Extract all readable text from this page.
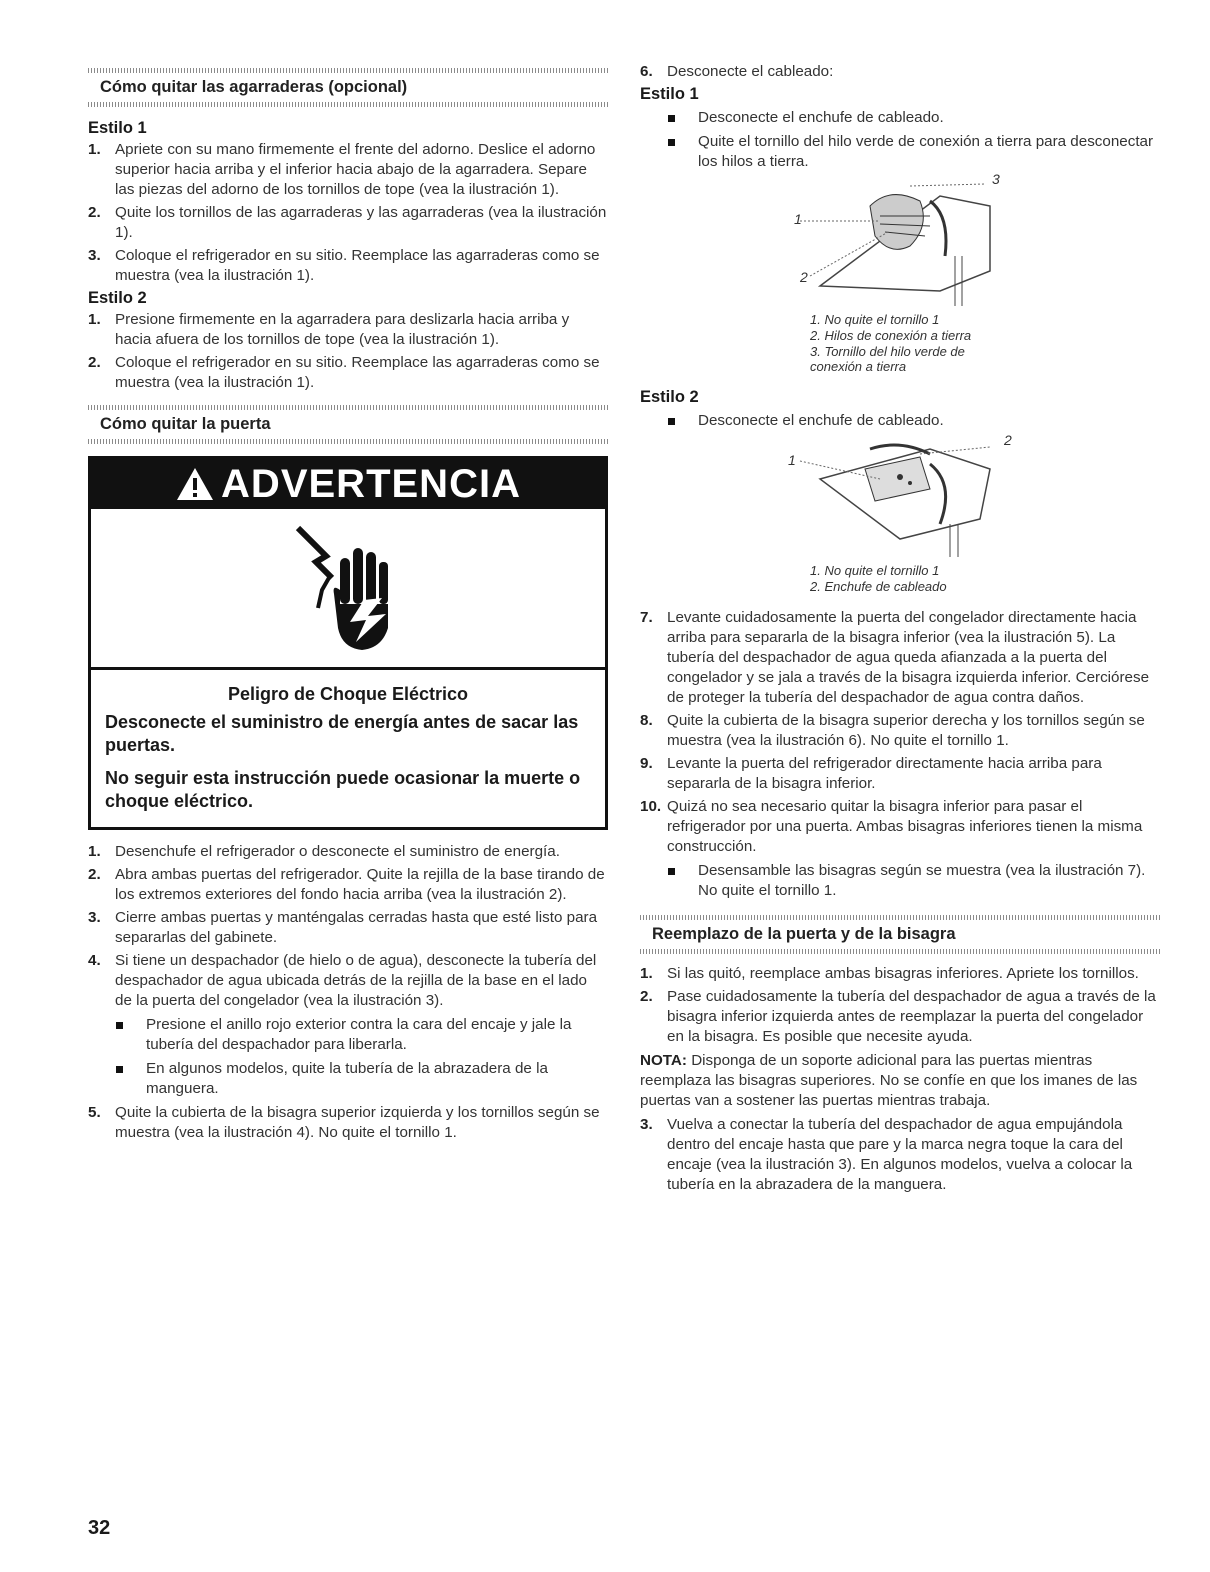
Cómo quitar las agarraderas (opcional)
Estilo 1
1. Apriete con su mano firmemente el frente del adorno. Deslice el adorno superior hacia arriba y el inferior hacia abajo de la agarradera. Separe las piezas del adorno de los tornillos de tope (vea la ilustración 1).
2. Quite los tornillos de las agarraderas y las agarraderas (vea la ilustración 1).
3. Coloque el refrigerador en su sitio. Reemplace las agarraderas como se muestra (vea la ilustración 1).
Estilo 2
1. Presione firmemente en la agarradera para deslizarla hacia arriba y hacia afuera de los tornillos de tope (vea la ilustración 1).
2. Coloque el refrigerador en su sitio. Reemplace las agarraderas como se muestra (vea la ilustración 1).
Cómo quitar la puerta
ADVERTENCIA
Peligro de Choque Eléctrico
Desconecte el suministro de energía antes de sacar las puertas.
No seguir esta instrucción puede ocasionar la muerte o choque eléctrico.
1. Desenchufe el refrigerador o desconecte el suministro de energía.
2. Abra ambas puertas del refrigerador. Quite la rejilla de la base tirando de los extremos exteriores del fondo hacia arriba (vea la ilustración 2).
3. Cierre ambas puertas y manténgalas cerradas hasta que esté listo para separarlas del gabinete.
4. Si tiene un despachador (de hielo o de agua), desconecte la tubería del despachador de agua ubicada detrás de la rejilla de la base en el lado de la puerta del congelador (vea la ilustración 3).
Presione el anillo rojo exterior contra la cara del encaje y jale la tubería del despachador para liberarla.
En algunos modelos, quite la tubería de la abrazadera de la manguera.
5. Quite la cubierta de la bisagra superior izquierda y los tornillos según se muestra (vea la ilustración 4). No quite el tornillo 1.
6. Desconecte el cableado:
Estilo 1
Desconecte el enchufe de cableado.
Quite el tornillo del hilo verde de conexión a tierra para desconectar los hilos a tierra.
1
2
3
1. No quite el tornillo 1
2. Hilos de conexión a tierra
3. Tornillo del hilo verde de conexión a tierra
Estilo 2
Desconecte el enchufe de cableado.
1
2
1. No quite el tornillo 1
2. Enchufe de cableado
7. Levante cuidadosamente la puerta del congelador directamente hacia arriba para separarla de la bisagra inferior (vea la ilustración 5). La tubería del despachador de agua queda afianzada a la puerta del congelador y se jala a través de la bisagra izquierda inferior. Cerciórese de proteger la tubería del despachador de agua contra daños.
8. Quite la cubierta de la bisagra superior derecha y los tornillos según se muestra (vea la ilustración 6). No quite el tornillo 1.
9. Levante la puerta del refrigerador directamente hacia arriba para separarla de la bisagra inferior.
10. Quizá no sea necesario quitar la bisagra inferior para pasar el refrigerador por una puerta. Ambas bisagras inferiores tienen la misma construcción.
Desensamble las bisagras según se muestra (vea la ilustración 7). No quite el tornillo 1.
Reemplazo de la puerta y de la bisagra
1. Si las quitó, reemplace ambas bisagras inferiores. Apriete los tornillos.
2. Pase cuidadosamente la tubería del despachador de agua a través de la bisagra inferior izquierda antes de reemplazar la puerta del congelador en la bisagra. Es posible que necesite ayuda.
NOTA: Disponga de un soporte adicional para las puertas mientras reemplaza las bisagras superiores. No se confíe en que los imanes de las puertas van a sostener las puertas mientras trabaja.
3. Vuelva a conectar la tubería del despachador de agua empujándola dentro del encaje hasta que pare y la marca negra toque la cara del encaje (vea la ilustración 3). En algunos modelos, vuelva a colocar la tubería en la abrazadera de la manguera.
32
